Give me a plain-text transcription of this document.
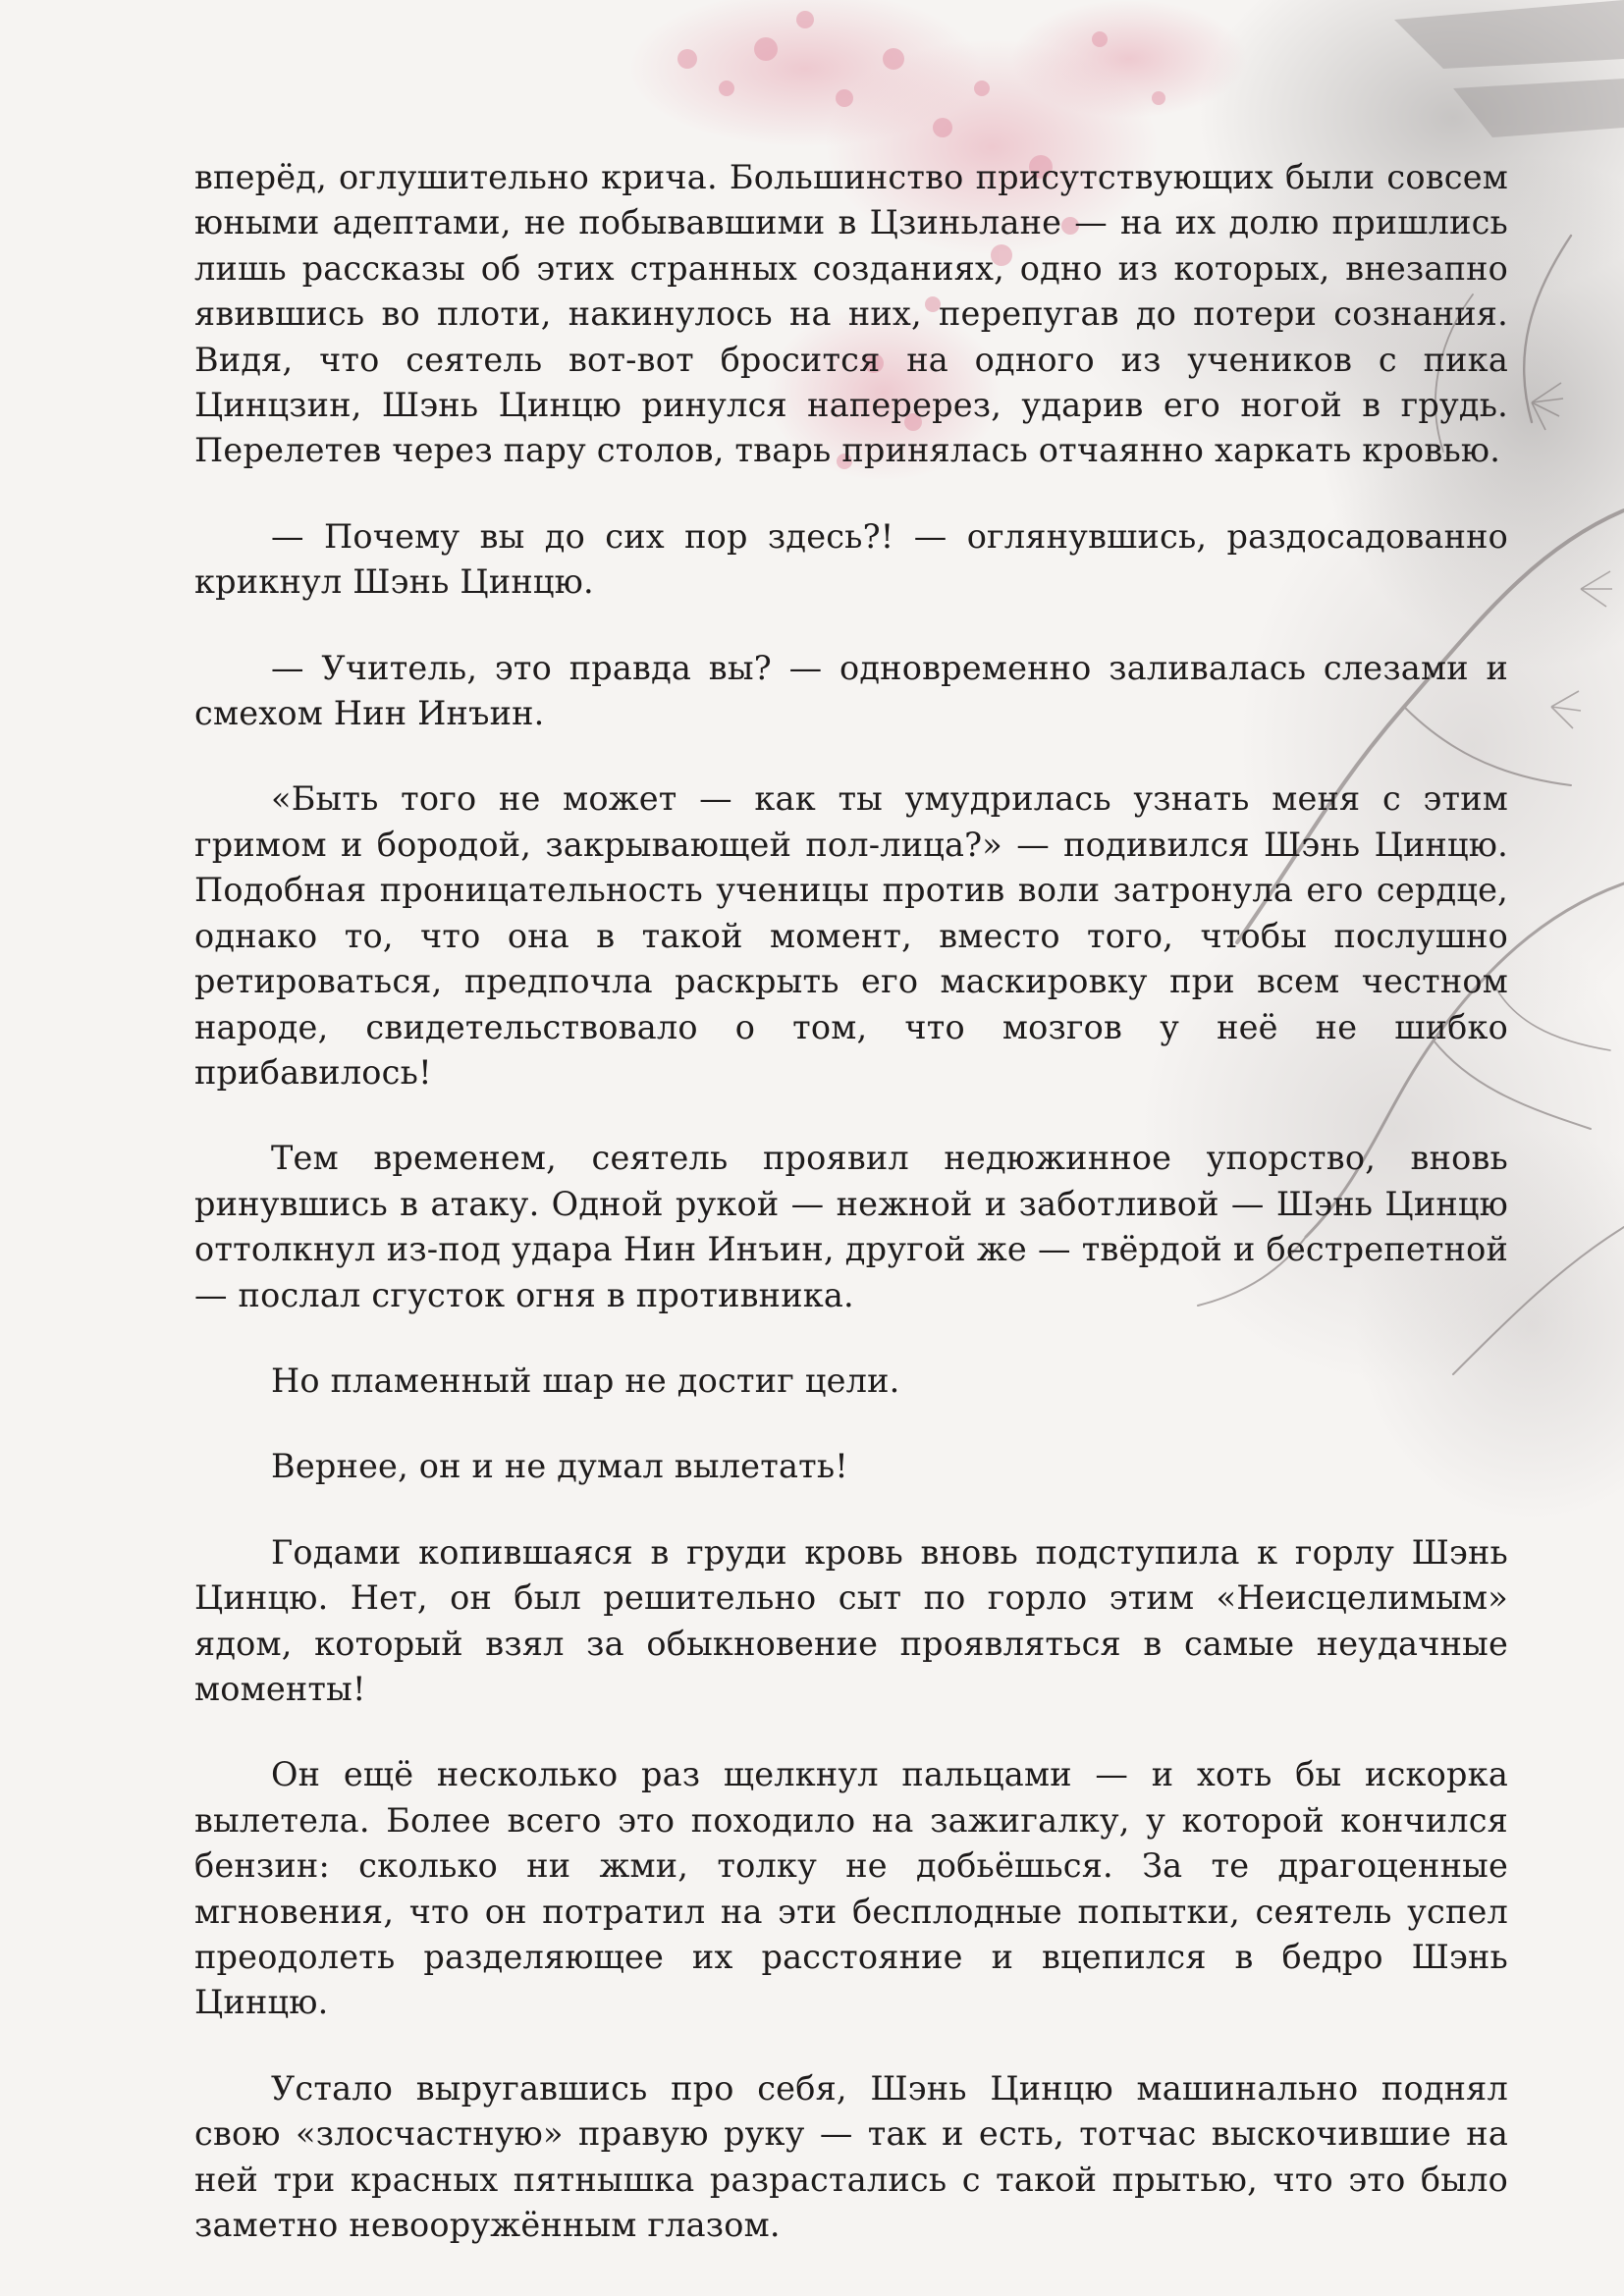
вперёд, оглушительно крича. Большинство присутствующих были совсем юными адептами, не побывавшими в Цзиньлане — на их долю пришлись лишь рассказы об этих странных созданиях, одно из которых, внезапно явившись во плоти, накинулось на них, перепугав до потери сознания. Видя, что сеятель вот-вот бросится на одного из учеников с пика Цинцзин, Шэнь Цинцю ринулся наперерез, ударив его ногой в грудь. Перелетев через пару столов, тварь принялась отчаянно харкать кровью.

— Почему вы до сих пор здесь?! — оглянувшись, раздосадованно крикнул Шэнь Цинцю.

— Учитель, это правда вы? — одновременно заливалась слезами и смехом Нин Инъин.

«Быть того не может — как ты умудрилась узнать меня с этим гримом и бородой, закрывающей пол-лица?» — подивился Шэнь Цинцю. Подобная проницательность ученицы против воли затронула его сердце, однако то, что она в такой момент, вместо того, чтобы послушно ретироваться, предпочла раскрыть его маскировку при всем честном народе, свидетельствовало о том, что мозгов у неё не шибко прибавилось!

Тем временем, сеятель проявил недюжинное упорство, вновь ринувшись в атаку. Одной рукой — нежной и заботливой — Шэнь Цинцю оттолкнул из-под удара Нин Инъин, другой же — твёрдой и бестрепетной — послал сгусток огня в противника.

Но пламенный шар не достиг цели.

Вернее, он и не думал вылетать!

Годами копившаяся в груди кровь вновь подступила к горлу Шэнь Цинцю. Нет, он был решительно сыт по горло этим «Неисцелимым» ядом, который взял за обыкновение проявляться в самые неудачные моменты!

Он ещё несколько раз щелкнул пальцами — и хоть бы искорка вылетела. Более всего это походило на зажигалку, у которой кончился бензин: сколько ни жми, толку не добьёшься. За те драгоценные мгновения, что он потратил на эти бесплодные попытки, сеятель успел преодолеть разделяющее их расстояние и вцепился в бедро Шэнь Цинцю.

Устало выругавшись про себя, Шэнь Цинцю машинально поднял свою «злосчастную» правую руку — так и есть, тотчас выскочившие на ней три красных пятнышка разрастались с такой прытью, что это было заметно невооружённым глазом.
